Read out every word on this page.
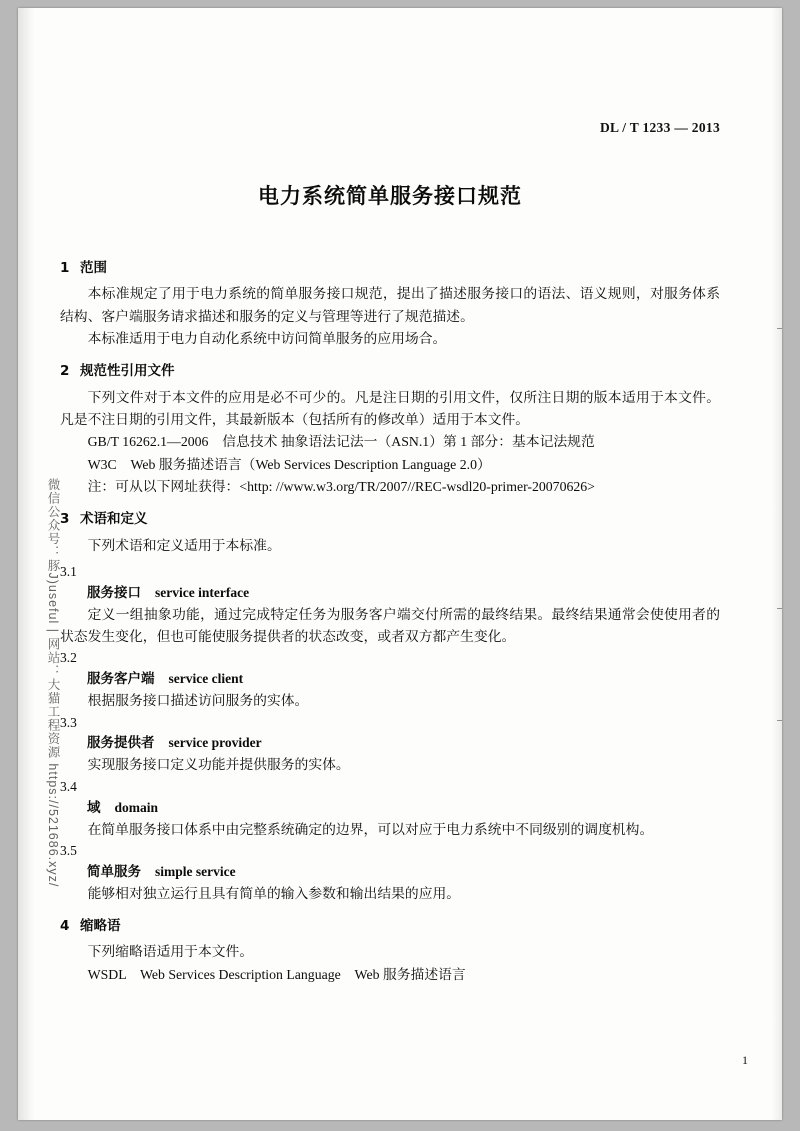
微信公众号：豚J)useful | 网站：大猫工程资源 https://521686.xyz/
DL / T 1233 — 2013
电力系统简单服务接口规范
1 范围

本标准规定了用于电力系统的简单服务接口规范，提出了描述服务接口的语法、语义规则，对服务体系结构、客户端服务请求描述和服务的定义与管理等进行了规范描述。

本标准适用于电力自动化系统中访问简单服务的应用场合。

2 规范性引用文件

下列文件对于本文件的应用是必不可少的。凡是注日期的引用文件，仅所注日期的版本适用于本文件。凡是不注日期的引用文件，其最新版本（包括所有的修改单）适用于本文件。

GB/T 16262.1—2006　信息技术 抽象语法记法一（ASN.1）第 1 部分：基本记法规范

W3C　Web 服务描述语言（Web Services Description Language 2.0）

注：可从以下网址获得：<http: //www.w3.org/TR/2007//REC-wsdl20-primer-20070626>

3 术语和定义

下列术语和定义适用于本标准。

3.1

服务接口 service interface

定义一组抽象功能，通过完成特定任务为服务客户端交付所需的最终结果。最终结果通常会使使用者的状态发生变化，但也可能使服务提供者的状态改变，或者双方都产生变化。

3.2

服务客户端 service client

根据服务接口描述访问服务的实体。

3.3

服务提供者 service provider

实现服务接口定义功能并提供服务的实体。

3.4

域 domain

在简单服务接口体系中由完整系统确定的边界，可以对应于电力系统中不同级别的调度机构。

3.5

简单服务 simple service

能够相对独立运行且具有简单的输入参数和输出结果的应用。

4 缩略语

下列缩略语适用于本文件。

WSDL　Web Services Description Language　Web 服务描述语言

1
